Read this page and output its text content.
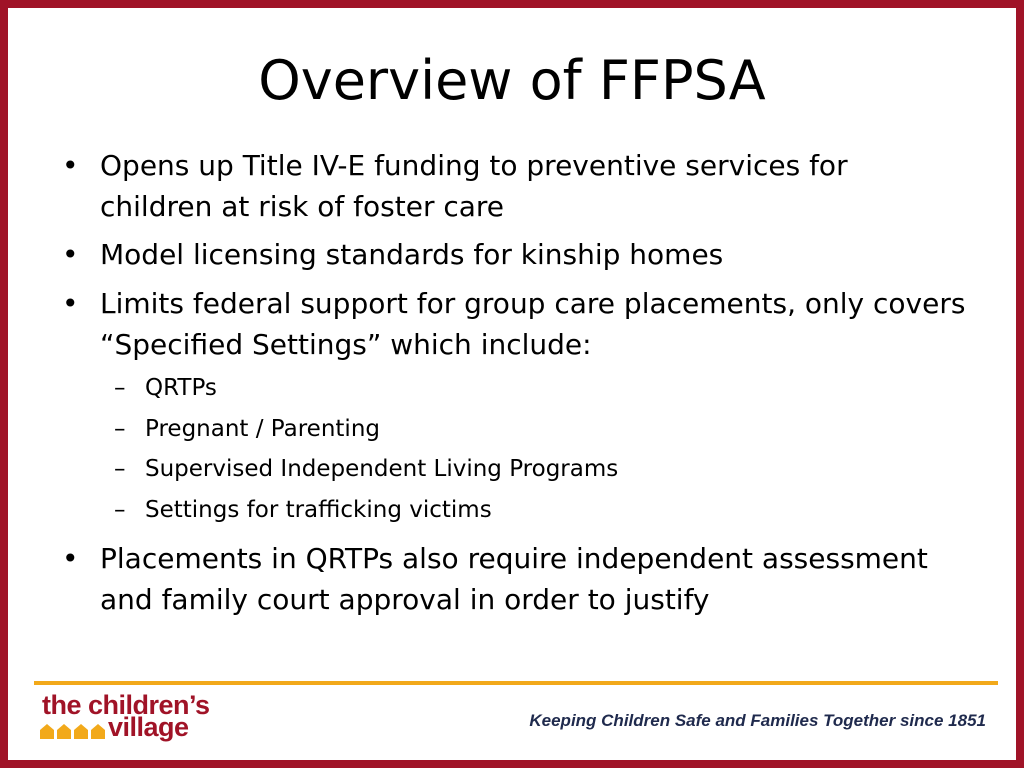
Overview of FFPSA
• Opens up Title IV-E funding to preventive services for
children at risk of foster care
• Model licensing standards for kinship homes
• Limits federal support for group care placements, only covers
“Specified Settings” which include:
– QRTPs
– Pregnant / Parenting
– Supervised Independent Living Programs
– Settings for trafficking victims
• Placements in QRTPs also require independent assessment
and family court approval in order to justify
the children’s
village	Keeping Children Safe and Families Together since 1851
